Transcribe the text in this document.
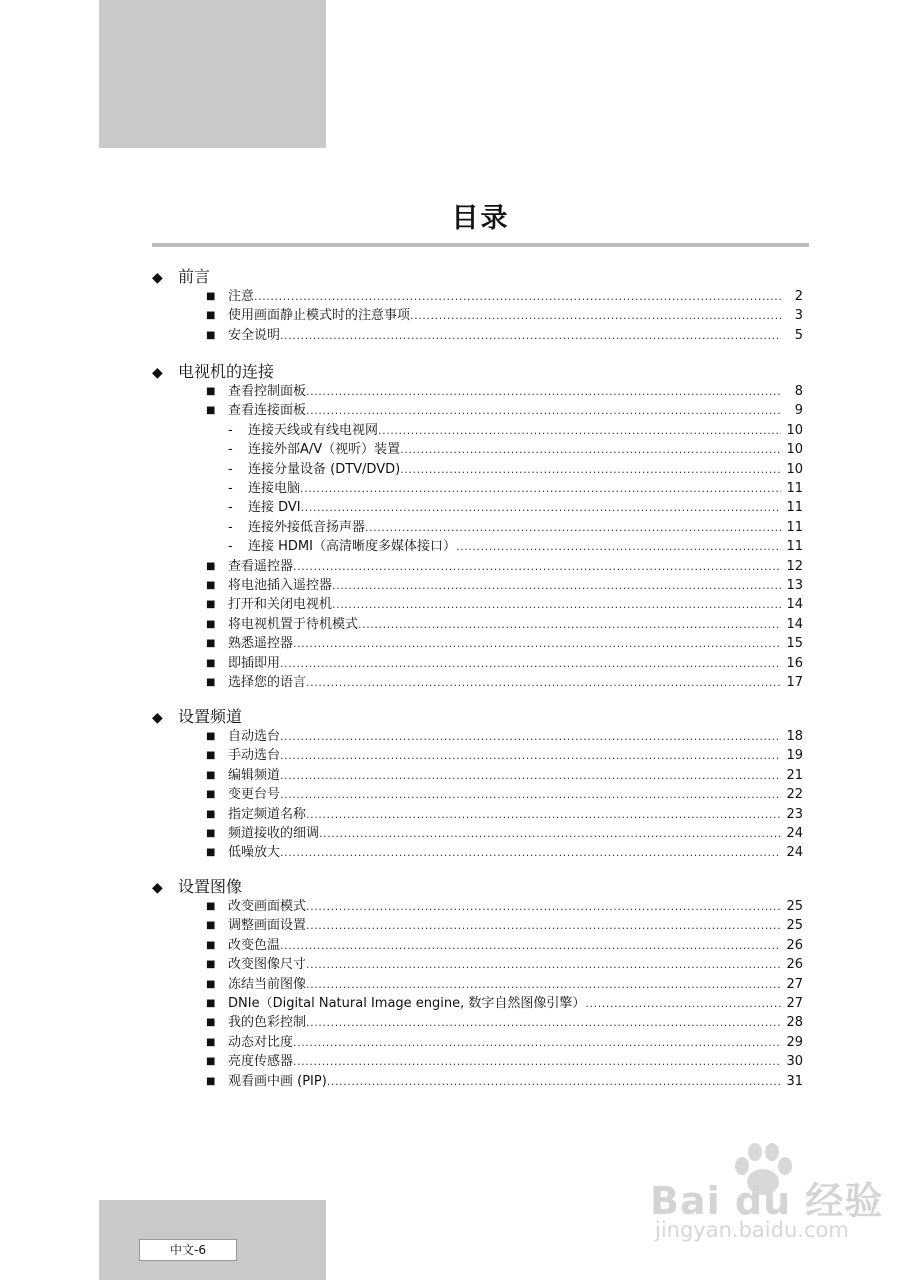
目录
◆ 前言
■ 注意 .....	2
■ 使用画面静止模式时的注意事项 .....	3
■ 安全说明 .....	5
◆ 电视机的连接
■ 查看控制面板 .....	8
■ 查看连接面板 .....	9
- 连接天线或有线电视网 .....	10
- 连接外部A/V（视听）装置 .....	10
- 连接分量设备 (DTV/DVD) .....	10
- 连接电脑 .....	11
- 连接 DVI .....	11
- 连接外接低音扬声器 .....	11
- 连接 HDMI（高清晰度多媒体接口） .....	11
■ 查看遥控器 .....	12
■ 将电池插入遥控器 .....	13
■ 打开和关闭电视机 .....	14
■ 将电视机置于待机模式 .....	14
■ 熟悉遥控器 .....	15
■ 即插即用 .....	16
■ 选择您的语言 .....	17
◆ 设置频道
■ 自动选台 .....	18
■ 手动选台 .....	19
■ 编辑频道 .....	21
■ 变更台号 .....	22
■ 指定频道名称 .....	23
■ 频道接收的细调 .....	24
■ 低噪放大 .....	24
◆ 设置图像
■ 改变画面模式 .....	25
■ 调整画面设置 .....	25
■ 改变色温 .....	26
■ 改变图像尺寸 .....	26
■ 冻结当前图像 .....	27
■ DNIe（Digital Natural Image engine, 数字自然图像引擎） .....	27
■ 我的色彩控制 .....	28
■ 动态对比度 .....	29
■ 亮度传感器 .....	30
■ 观看画中画 (PIP) .....	31
中文-6
Bai du 经验
jingyan.baidu.com
